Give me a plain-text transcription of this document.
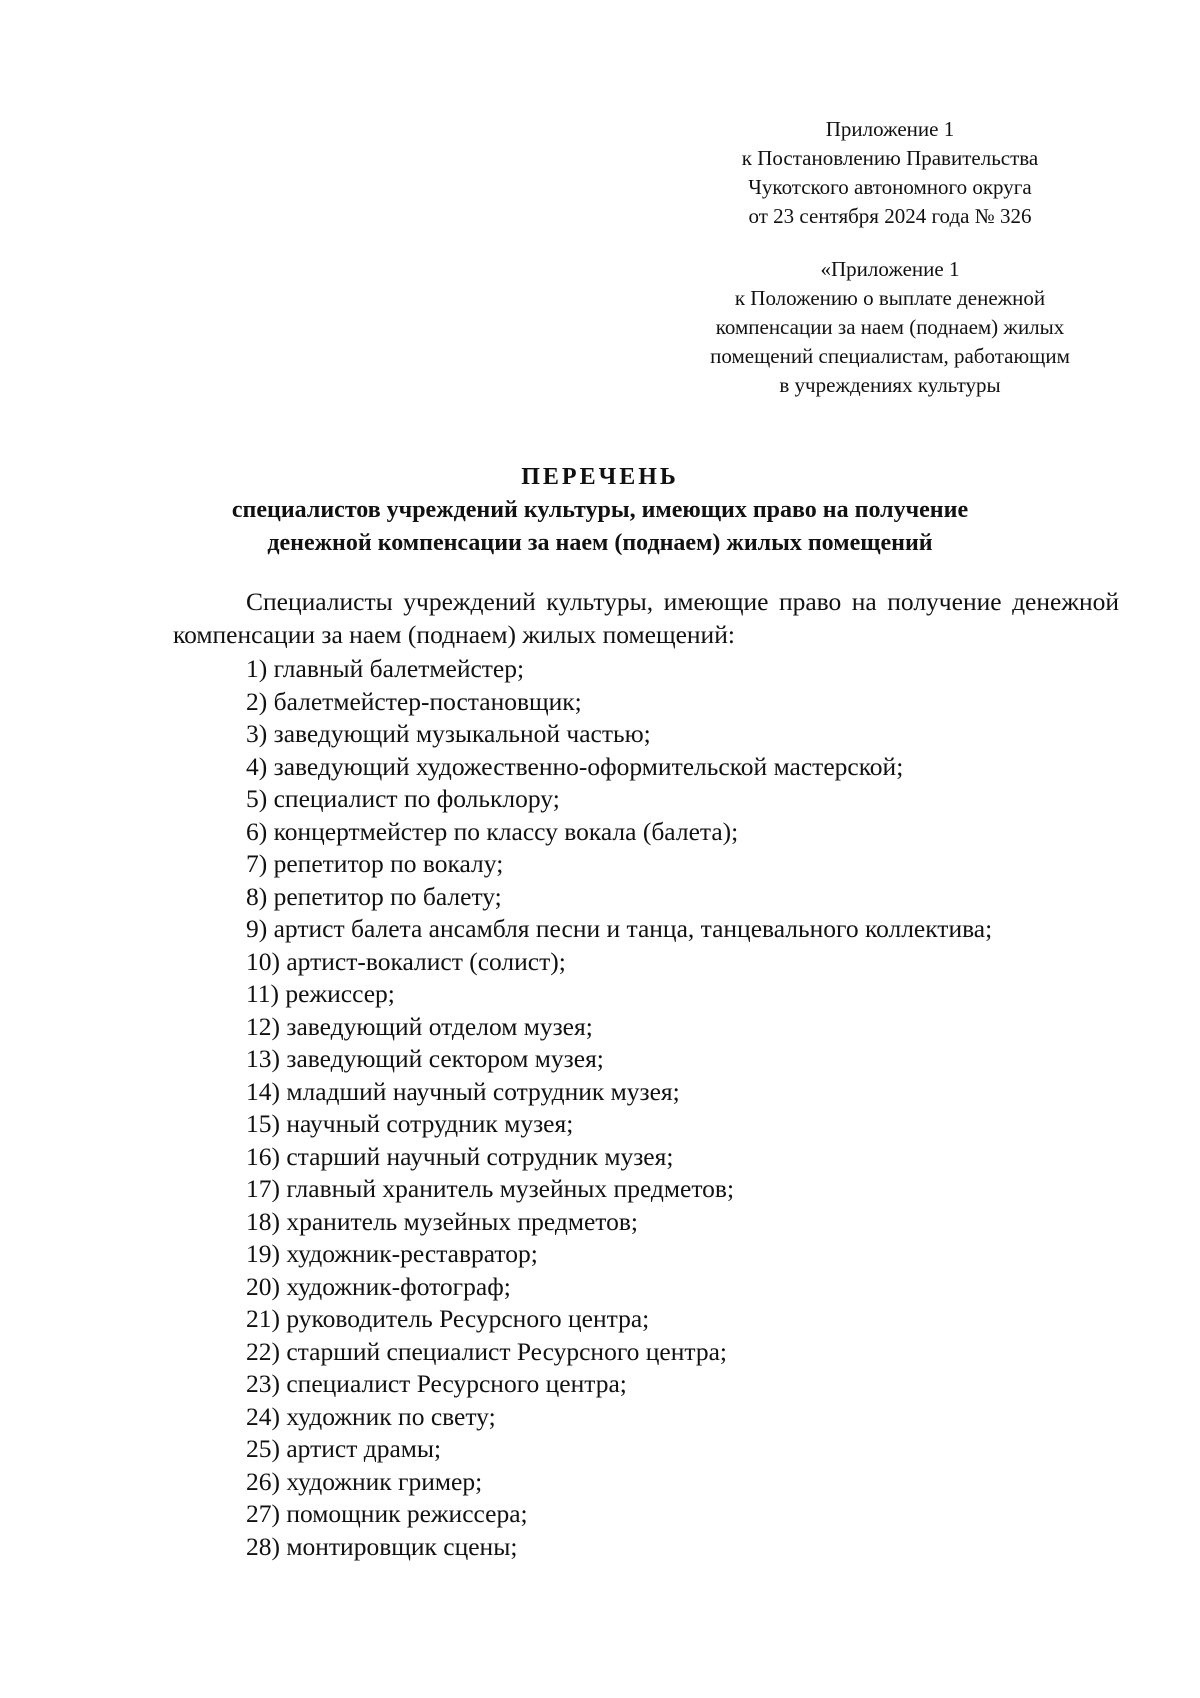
Приложение 1
к Постановлению Правительства
Чукотского автономного округа
от 23 сентября 2024 года № 326
«Приложение 1
к Положению о выплате денежной
компенсации за наем (поднаем) жилых
помещений специалистам, работающим
в учреждениях культуры
ПЕРЕЧЕНЬ
специалистов учреждений культуры, имеющих право на получение
денежной компенсации за наем (поднаем) жилых помещений

Специалисты учреждений культуры, имеющие право на получение денежной компенсации за наем (поднаем) жилых помещений:

1) главный балетмейстер;
2) балетмейстер-постановщик;
3) заведующий музыкальной частью;
4) заведующий художественно-оформительской мастерской;
5) специалист по фольклору;
6) концертмейстер по классу вокала (балета);
7) репетитор по вокалу;
8) репетитор по балету;
9) артист балета ансамбля песни и танца, танцевального коллектива;
10) артист-вокалист (солист);
11) режиссер;
12) заведующий отделом музея;
13) заведующий сектором музея;
14) младший научный сотрудник музея;
15) научный сотрудник музея;
16) старший научный сотрудник музея;
17) главный хранитель музейных предметов;
18) хранитель музейных предметов;
19) художник-реставратор;
20) художник-фотограф;
21) руководитель Ресурсного центра;
22) старший специалист Ресурсного центра;
23) специалист Ресурсного центра;
24) художник по свету;
25) артист драмы;
26) художник гример;
27) помощник режиссера;
28) монтировщик сцены;
